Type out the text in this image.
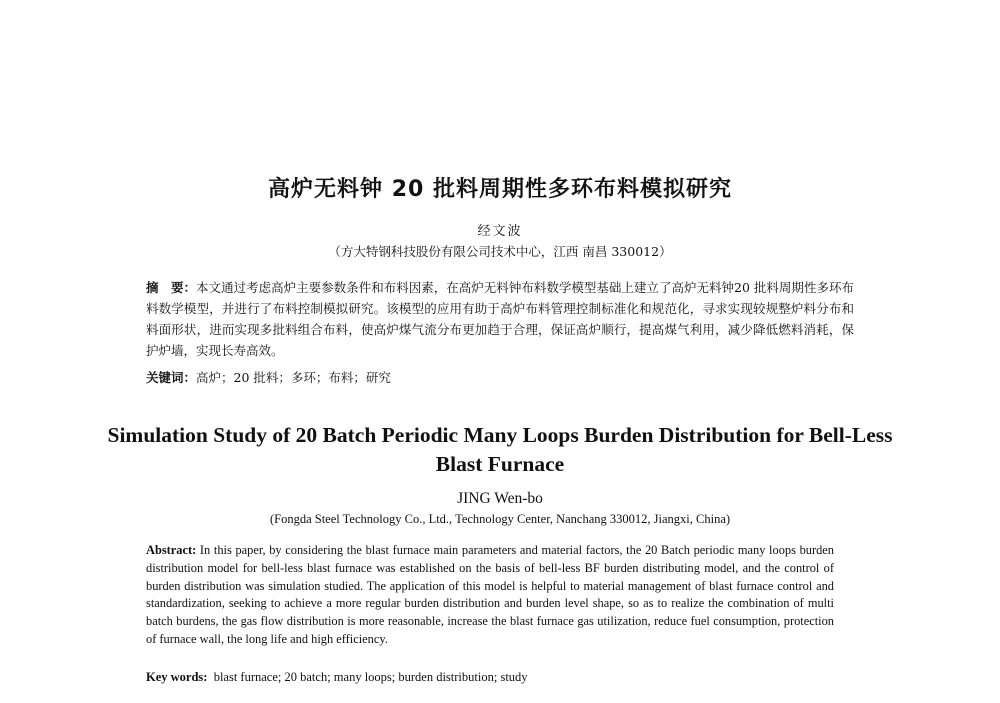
高炉无料钟 20 批料周期性多环布料模拟研究
经文波
（方大特钢科技股份有限公司技术中心，江西 南昌 330012）
摘　要：本文通过考虑高炉主要参数条件和布料因素，在高炉无料钟布料数学模型基础上建立了高炉无料钟20 批料周期性多环布料数学模型，并进行了布料控制模拟研究。该模型的应用有助于高炉布料管理控制标准化和规范化，寻求实现较规整炉料分布和料面形状，进而实现多批料组合布料，使高炉煤气流分布更加趋于合理，保证高炉顺行，提高煤气利用，减少降低燃料消耗，保护炉墙，实现长寿高效。
关键词：高炉；20 批料；多环；布料；研究
Simulation Study of 20 Batch Periodic Many Loops Burden Distribution for Bell-Less Blast Furnace
JING Wen-bo
(Fongda Steel Technology Co., Ltd., Technology Center, Nanchang 330012, Jiangxi, China)
Abstract: In this paper, by considering the blast furnace main parameters and material factors, the 20 Batch periodic many loops burden distribution model for bell-less blast furnace was established on the basis of bell-less BF burden distributing model, and the control of burden distribution was simulation studied. The application of this model is helpful to material management of blast furnace control and standardization, seeking to achieve a more regular burden distribution and burden level shape, so as to realize the combination of multi batch burdens, the gas flow distribution is more reasonable, increase the blast furnace gas utilization, reduce fuel consumption, protection of furnace wall, the long life and high efficiency.
Key words: blast furnace; 20 batch; many loops; burden distribution; study
